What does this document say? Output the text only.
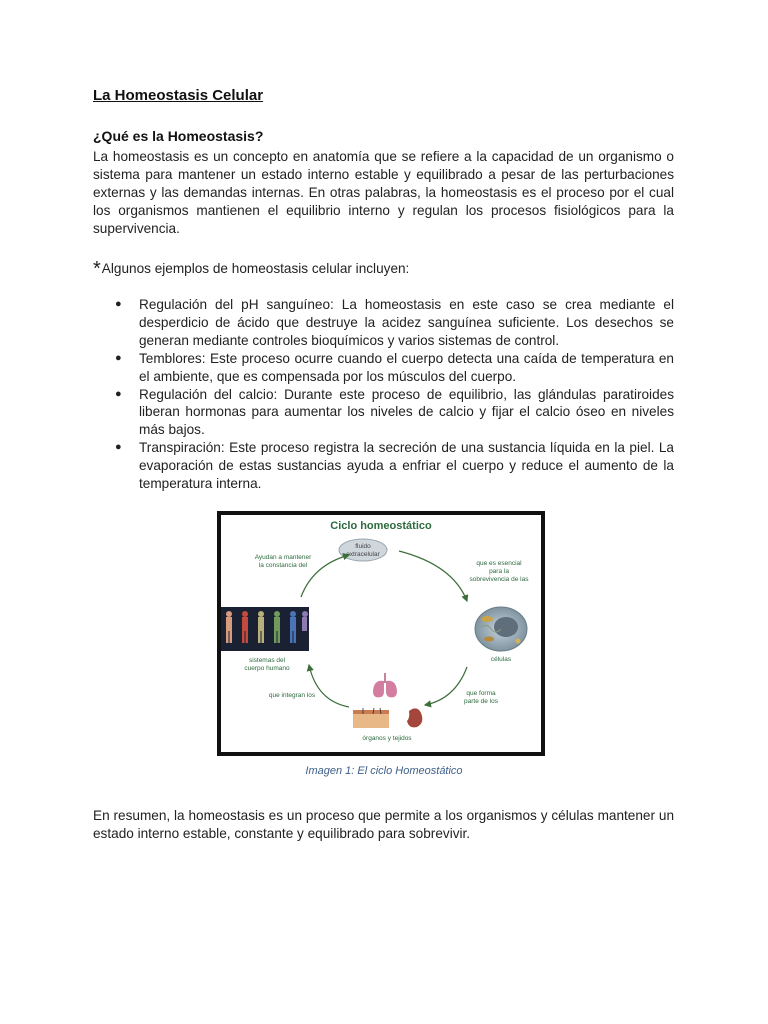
La Homeostasis Celular
¿Qué es la Homeostasis?

La homeostasis es un concepto en anatomía que se refiere a la capacidad de un organismo o sistema para mantener un estado interno estable y equilibrado a pesar de las perturbaciones externas y las demandas internas. En otras palabras, la homeostasis es el proceso por el cual los organismos mantienen el equilibrio interno y regulan los procesos fisiológicos para la supervivencia.

*Algunos ejemplos de homeostasis celular incluyen:
● Regulación del pH sanguíneo: La homeostasis en este caso se crea mediante el desperdicio de ácido que destruye la acidez sanguínea suficiente. Los desechos se generan mediante controles bioquímicos y varios sistemas de control.
● Temblores: Este proceso ocurre cuando el cuerpo detecta una caída de temperatura en el ambiente, que es compensada por los músculos del cuerpo.
● Regulación del calcio: Durante este proceso de equilibrio, las glándulas paratiroides liberan hormonas para aumentar los niveles de calcio y fijar el calcio óseo en niveles más bajos.
● Transpiración: Este proceso registra la secreción de una sustancia líquida en la piel. La evaporación de estas sustancias ayuda a enfriar el cuerpo y reduce el aumento de la temperatura interna.
Ciclo homeostático
fluido
extracelular
que es esencial
para la
sobrevivencia de las
células
que forma
parte de los
órganos y tejidos
que integran los
sistemas del
cuerpo humano
Ayudan a mantener
la constancia del
Imagen 1: El ciclo Homeostático

En resumen, la homeostasis es un proceso que permite a los organismos y células mantener un estado interno estable, constante y equilibrado para sobrevivir.
